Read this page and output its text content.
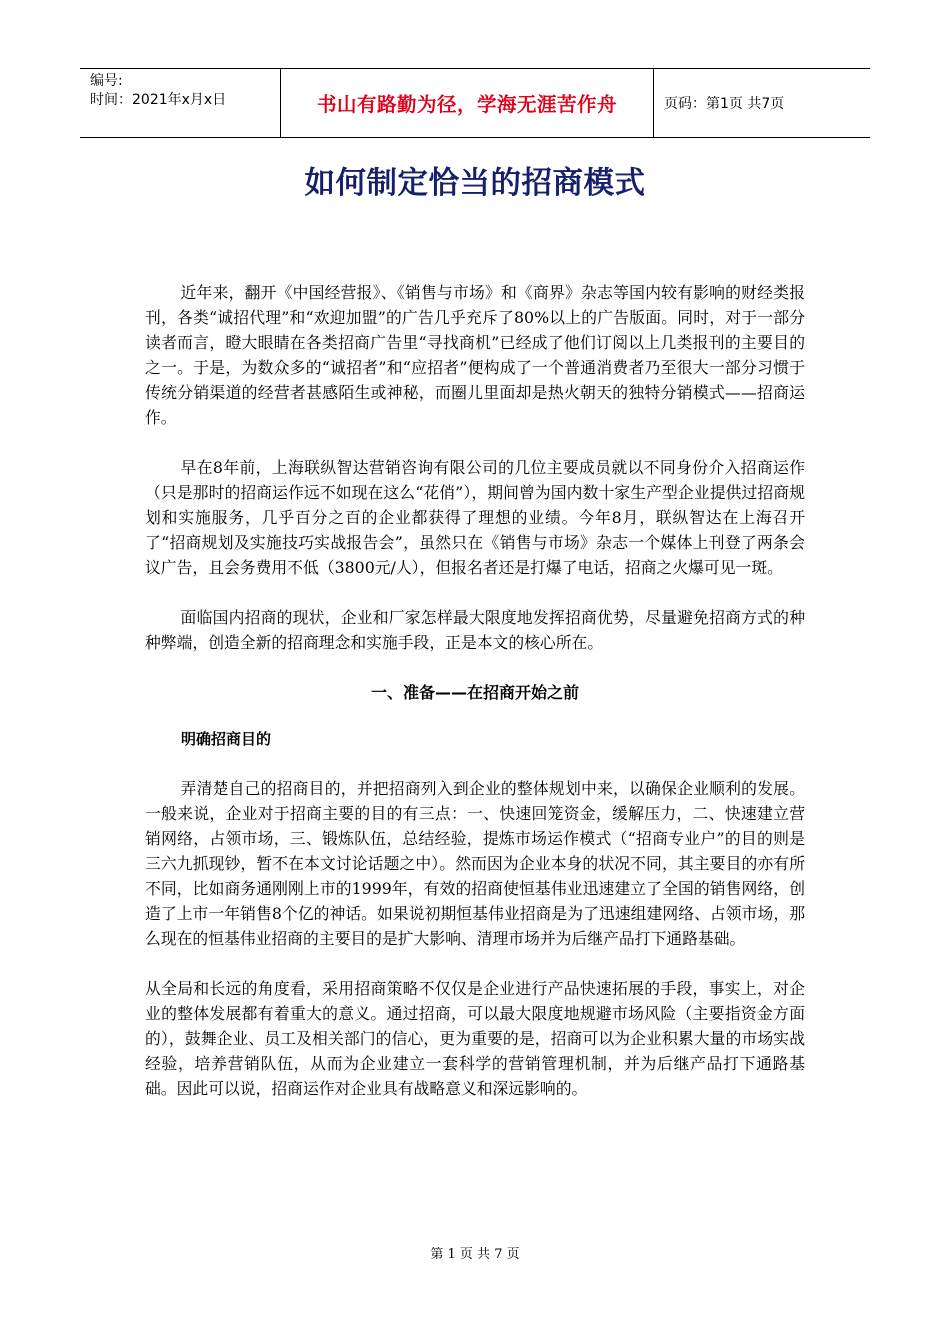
编号:
时间：2021年x月x日	书山有路勤为径，学海无涯苦作舟	页码：第1页 共7页
如何制定恰当的招商模式

近年来，翻开《中国经营报》、《销售与市场》和《商界》杂志等国内较有影响的财经类报刊，各类“诚招代理”和“欢迎加盟”的广告几乎充斥了80%以上的广告版面。同时，对于一部分读者而言，瞪大眼睛在各类招商广告里“寻找商机”已经成了他们订阅以上几类报刊的主要目的之一。于是，为数众多的“诚招者”和“应招者”便构成了一个普通消费者乃至很大一部分习惯于传统分销渠道的经营者甚感陌生或神秘，而圈儿里面却是热火朝天的独特分销模式——招商运作。

早在8年前，上海联纵智达营销咨询有限公司的几位主要成员就以不同身份介入招商运作（只是那时的招商运作远不如现在这么“花俏”），期间曾为国内数十家生产型企业提供过招商规划和实施服务，几乎百分之百的企业都获得了理想的业绩。今年8月，联纵智达在上海召开了“招商规划及实施技巧实战报告会”，虽然只在《销售与市场》杂志一个媒体上刊登了两条会议广告，且会务费用不低（3800元/人），但报名者还是打爆了电话，招商之火爆可见一斑。

面临国内招商的现状，企业和厂家怎样最大限度地发挥招商优势，尽量避免招商方式的种种弊端，创造全新的招商理念和实施手段，正是本文的核心所在。

一、准备——在招商开始之前
明确招商目的

弄清楚自己的招商目的，并把招商列入到企业的整体规划中来，以确保企业顺利的发展。一般来说，企业对于招商主要的目的有三点：一、快速回笼资金，缓解压力，二、快速建立营销网络，占领市场，三、锻炼队伍，总结经验，提炼市场运作模式（“招商专业户”的目的则是三六九抓现钞，暂不在本文讨论话题之中）。然而因为企业本身的状况不同，其主要目的亦有所不同，比如商务通刚刚上市的1999年，有效的招商使恒基伟业迅速建立了全国的销售网络，创造了上市一年销售8个亿的神话。如果说初期恒基伟业招商是为了迅速组建网络、占领市场，那么现在的恒基伟业招商的主要目的是扩大影响、清理市场并为后继产品打下通路基础。

从全局和长远的角度看，采用招商策略不仅仅是企业进行产品快速拓展的手段，事实上，对企业的整体发展都有着重大的意义。通过招商，可以最大限度地规避市场风险（主要指资金方面的），鼓舞企业、员工及相关部门的信心，更为重要的是，招商可以为企业积累大量的市场实战经验，培养营销队伍，从而为企业建立一套科学的营销管理机制，并为后继产品打下通路基础。因此可以说，招商运作对企业具有战略意义和深远影响的。

第 1 页 共 7 页
